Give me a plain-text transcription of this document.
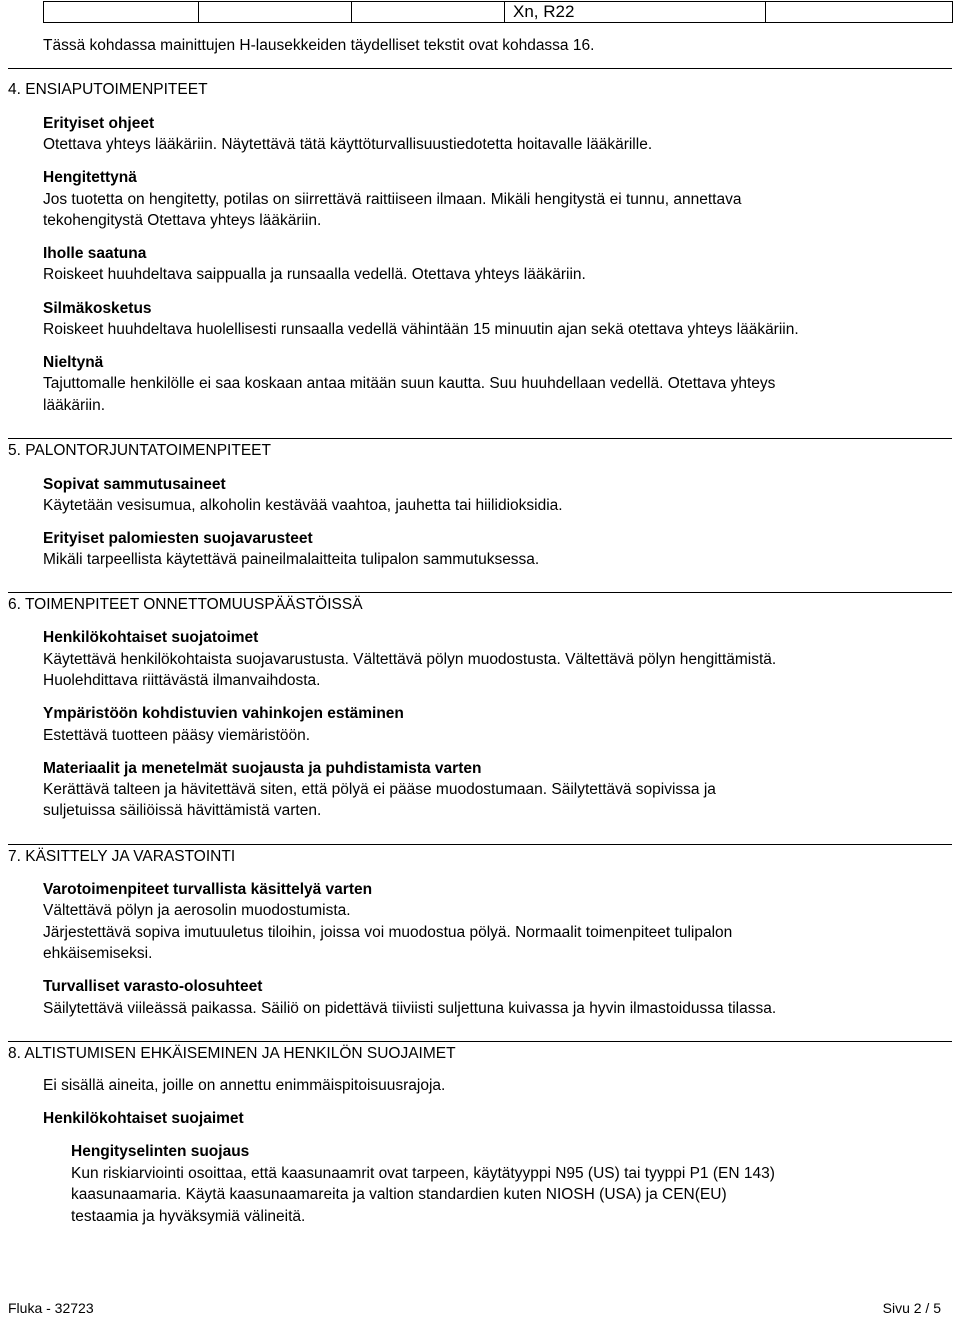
			Xn, R22	
Tässä kohdassa mainittujen H-lausekkeiden täydelliset tekstit ovat kohdassa 16.
4. ENSIAPUTOIMENPITEET
Erityiset ohjeet
Otettava yhteys lääkäriin. Näytettävä tätä käyttöturvallisuustiedotetta hoitavalle lääkärille.
Hengitettynä
Jos tuotetta on hengitetty, potilas on siirrettävä raittiiseen ilmaan. Mikäli hengitystä ei tunnu, annettava
tekohengitystä Otettava yhteys lääkäriin.
Iholle saatuna
Roiskeet huuhdeltava saippualla ja runsaalla vedellä. Otettava yhteys lääkäriin.
Silmäkosketus
Roiskeet huuhdeltava huolellisesti runsaalla vedellä vähintään 15 minuutin ajan sekä otettava yhteys lääkäriin.
Nieltynä
Tajuttomalle henkilölle ei saa koskaan antaa mitään suun kautta. Suu huuhdellaan vedellä. Otettava yhteys
lääkäriin.
5. PALONTORJUNTATOIMENPITEET
Sopivat sammutusaineet
Käytetään vesisumua, alkoholin kestävää vaahtoa, jauhetta tai hiilidioksidia.
Erityiset palomiesten suojavarusteet
Mikäli tarpeellista käytettävä paineilmalaitteita tulipalon sammutuksessa.
6. TOIMENPITEET ONNETTOMUUSPÄÄSTÖISSÄ
Henkilökohtaiset suojatoimet
Käytettävä henkilökohtaista suojavarustusta. Vältettävä pölyn muodostusta. Vältettävä pölyn hengittämistä.
Huolehdittava riittävästä ilmanvaihdosta.
Ympäristöön kohdistuvien vahinkojen estäminen
Estettävä tuotteen pääsy viemäristöön.
Materiaalit ja menetelmät suojausta ja puhdistamista varten
Kerättävä talteen ja hävitettävä siten, että pölyä ei pääse muodostumaan. Säilytettävä sopivissa ja
suljetuissa säiliöissä hävittämistä varten.
7. KÄSITTELY JA VARASTOINTI
Varotoimenpiteet turvallista käsittelyä varten
Vältettävä pölyn ja aerosolin muodostumista.
Järjestettävä sopiva imutuuletus tiloihin, joissa voi muodostua pölyä. Normaalit toimenpiteet tulipalon
ehkäisemiseksi.
Turvalliset varasto-olosuhteet
Säilytettävä viileässä paikassa. Säiliö on pidettävä tiiviisti suljettuna kuivassa ja hyvin ilmastoidussa tilassa.
8. ALTISTUMISEN EHKÄISEMINEN JA HENKILÖN SUOJAIMET
Ei sisällä aineita, joille on annettu enimmäispitoisuusrajoja.
Henkilökohtaiset suojaimet
Hengityselinten suojaus
Kun riskiarviointi osoittaa, että kaasunaamrit ovat tarpeen, käytätyyppi N95 (US) tai tyyppi P1 (EN 143)
kaasunaamaria. Käytä kaasunaamareita ja valtion standardien kuten NIOSH (USA) ja CEN(EU)
testaamia ja hyväksymiä välineitä.
Fluka - 32723	Sivu 2 / 5
